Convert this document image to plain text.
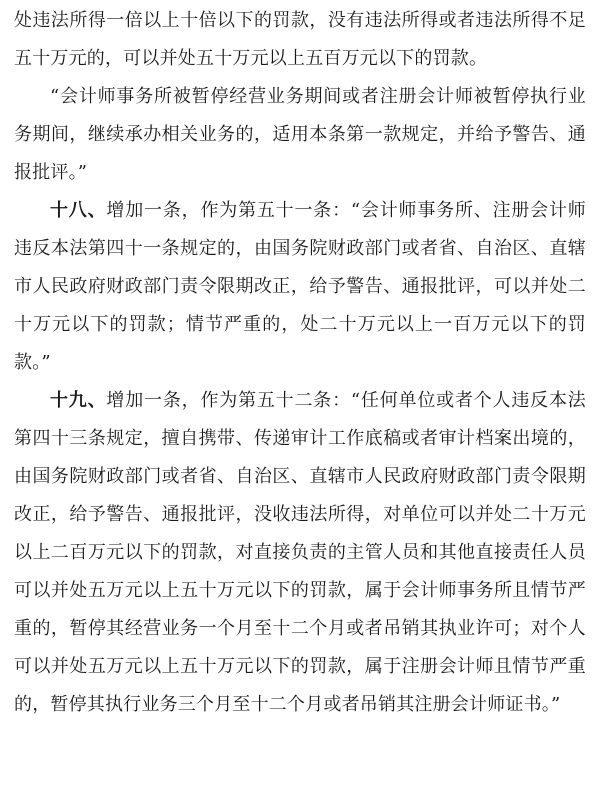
处违法所得一倍以上十倍以下的罚款，没有违法所得或者违法所得不足五十万元的，可以并处五十万元以上五百万元以下的罚款。

“会计师事务所被暂停经营业务期间或者注册会计师被暂停执行业务期间，继续承办相关业务的，适用本条第一款规定，并给予警告、通报批评。”

十八、增加一条，作为第五十一条：“会计师事务所、注册会计师违反本法第四十一条规定的，由国务院财政部门或者省、自治区、直辖市人民政府财政部门责令限期改正，给予警告、通报批评，可以并处二十万元以下的罚款；情节严重的，处二十万元以上一百万元以下的罚款。”

十九、增加一条，作为第五十二条：“任何单位或者个人违反本法第四十三条规定，擅自携带、传递审计工作底稿或者审计档案出境的，由国务院财政部门或者省、自治区、直辖市人民政府财政部门责令限期改正，给予警告、通报批评，没收违法所得，对单位可以并处二十万元以上二百万元以下的罚款，对直接负责的主管人员和其他直接责任人员可以并处五万元以上五十万元以下的罚款，属于会计师事务所且情节严重的，暂停其经营业务一个月至十二个月或者吊销其执业许可；对个人可以并处五万元以上五十万元以下的罚款，属于注册会计师且情节严重的，暂停其执行业务三个月至十二个月或者吊销其注册会计师证书。”
